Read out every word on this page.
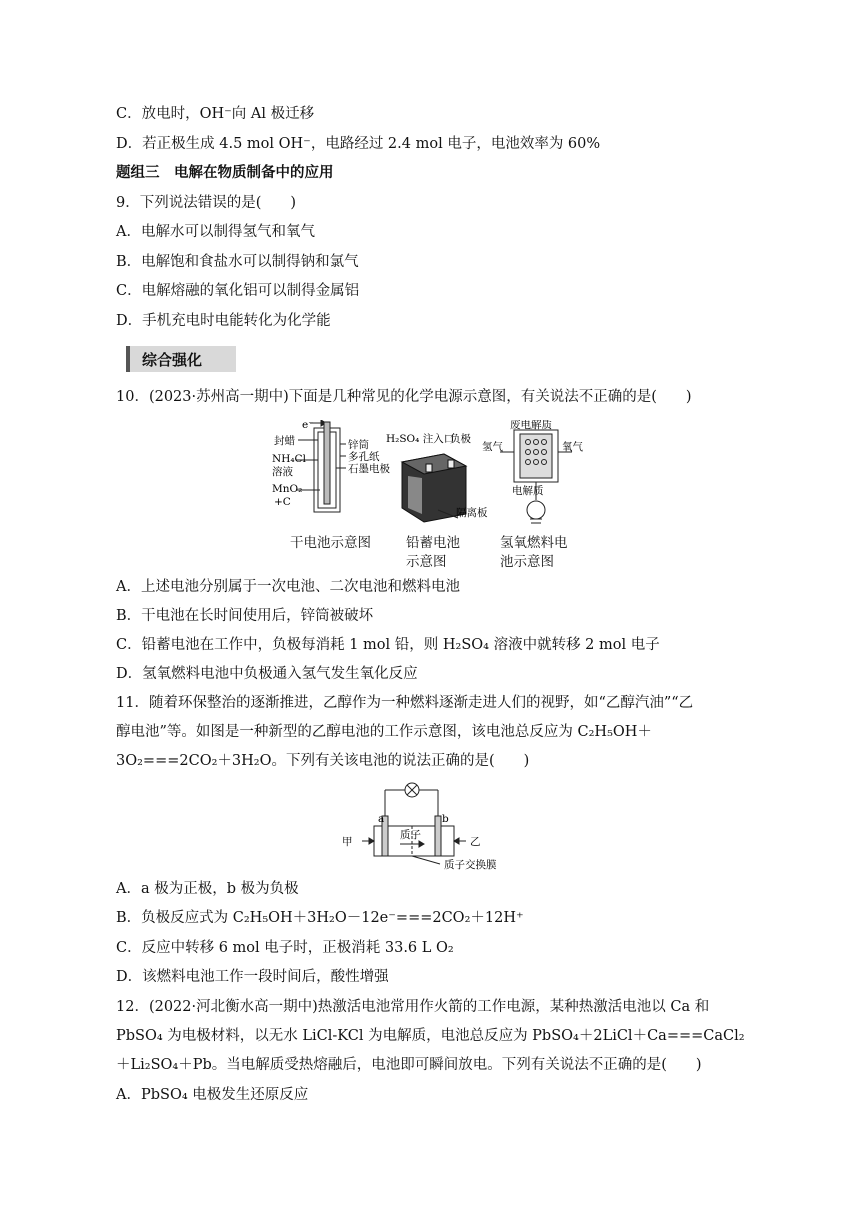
C．放电时，OH⁻向 Al 极迁移
D．若正极生成 4.5 mol OH⁻，电路经过 2.4 mol 电子，电池效率为 60%
题组三　电解在物质制备中的应用
9．下列说法错误的是(　　)
A．电解水可以制得氢气和氧气
B．电解饱和食盐水可以制得钠和氯气
C．电解熔融的氧化铝可以制得金属铝
D．手机充电时电能转化为化学能
综合强化
10．(2023·苏州高一期中)下面是几种常见的化学电源示意图，有关说法不正确的是(　　)
e⁻
封蜡	锌筒
多孔纸
NH₄Cl
溶液	石墨电极
MnO₂
+C
H₂SO₄ 注入口
负极
隔离板
废电解质
氢气	氧气
电解质
干电池示意图	铅蓄电池
示意图
氢氧燃料电
池示意图
A．上述电池分别属于一次电池、二次电池和燃料电池
B．干电池在长时间使用后，锌筒被破坏
C．铅蓄电池在工作中，负极每消耗 1 mol 铅，则 H₂SO₄ 溶液中就转移 2 mol 电子
D．氢氧燃料电池中负极通入氢气发生氧化反应
11．随着环保整治的逐渐推进，乙醇作为一种燃料逐渐走进人们的视野，如“乙醇汽油”“乙
醇电池”等。如图是一种新型的乙醇电池的工作示意图，该电池总反应为 C₂H₅OH＋
3O₂===2CO₂＋3H₂O。下列有关该电池的说法正确的是(　　)
a	b
甲
质子
乙
质子交换膜
A．a 极为正极，b 极为负极
B．负极反应式为 C₂H₅OH＋3H₂O－12e⁻===2CO₂＋12H⁺
C．反应中转移 6 mol 电子时，正极消耗 33.6 L O₂
D．该燃料电池工作一段时间后，酸性增强
12．(2022·河北衡水高一期中)热激活电池常用作火箭的工作电源，某种热激活电池以 Ca 和
PbSO₄ 为电极材料，以无水 LiCl-KCl 为电解质，电池总反应为 PbSO₄＋2LiCl＋Ca===CaCl₂
＋Li₂SO₄＋Pb。当电解质受热熔融后，电池即可瞬间放电。下列有关说法不正确的是(　　)
A．PbSO₄ 电极发生还原反应
